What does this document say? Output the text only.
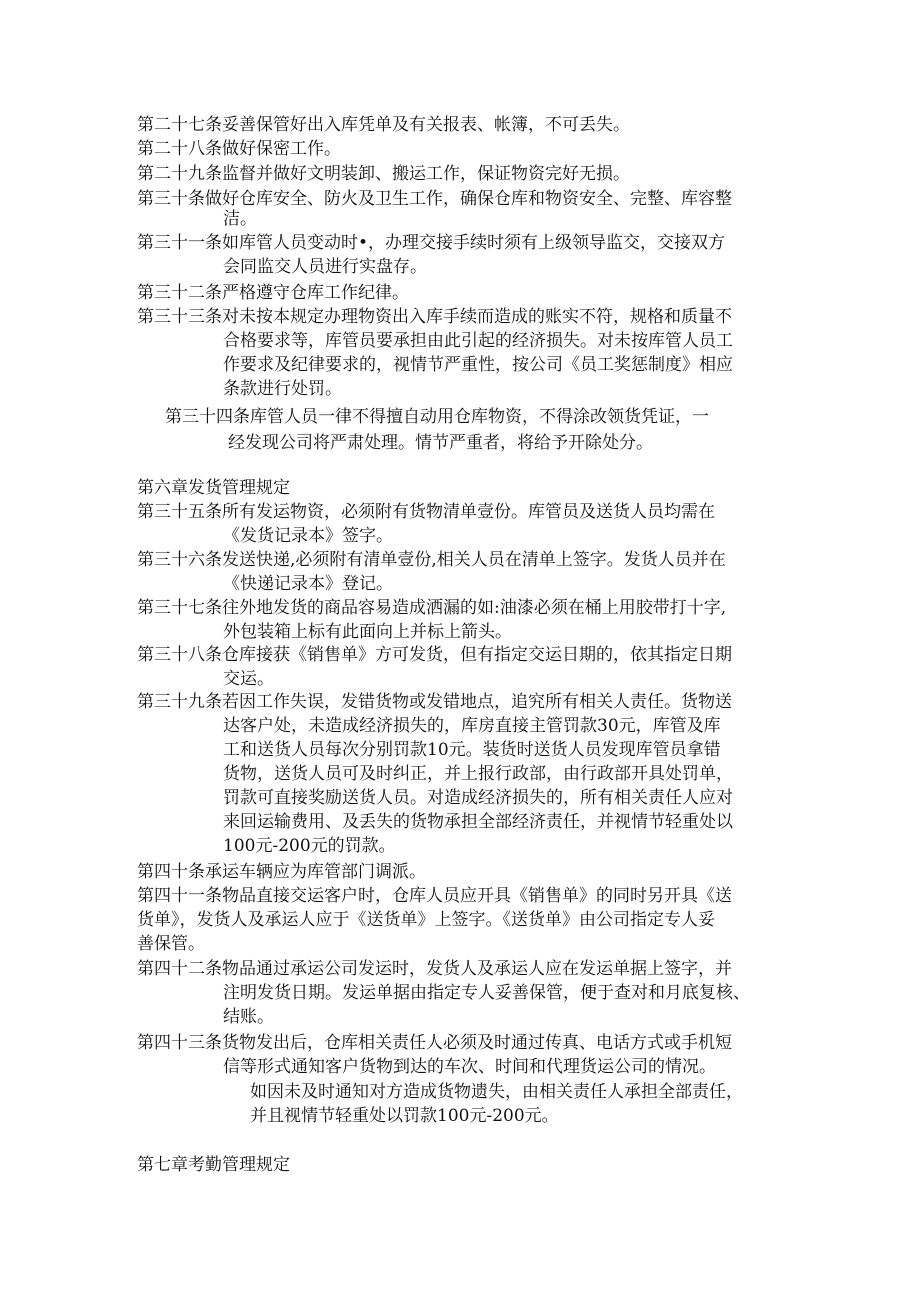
第二十七条妥善保管好出入库凭单及有关报表、帐簿，不可丢失。
第二十八条做好保密工作。
第二十九条监督并做好文明装卸、搬运工作，保证物资完好无损。
第三十条做好仓库安全、防火及卫生工作，确保仓库和物资安全、完整、库容整
洁。
第三十一条如库管人员变动时•，办理交接手续时须有上级领导监交，交接双方
会同监交人员进行实盘存。
第三十二条严格遵守仓库工作纪律。
第三十三条对未按本规定办理物资出入库手续而造成的账实不符，规格和质量不
合格要求等，库管员要承担由此引起的经济损失。对未按库管人员工
作要求及纪律要求的，视情节严重性，按公司《员工奖惩制度》相应
条款进行处罚。
第三十四条库管人员一律不得擅自动用仓库物资，不得涂改领货凭证，一
经发现公司将严肃处理。情节严重者，将给予开除处分。
第六章发货管理规定
第三十五条所有发运物资，必须附有货物清单壹份。库管员及送货人员均需在
《发货记录本》签字。
第三十六条发送快递,必须附有清单壹份,相关人员在清单上签字。发货人员并在
《快递记录本》登记。
第三十七条往外地发货的商品容易造成洒漏的如:油漆必须在桶上用胶带打十字,
外包装箱上标有此面向上并标上箭头。
第三十八条仓库接获《销售单》方可发货，但有指定交运日期的，依其指定日期
交运。
第三十九条若因工作失误，发错货物或发错地点，追究所有相关人责任。货物送
达客户处，未造成经济损失的，库房直接主管罚款30元，库管及库
工和送货人员每次分别罚款10元。装货时送货人员发现库管员拿错
货物，送货人员可及时纠正，并上报行政部，由行政部开具处罚单，
罚款可直接奖励送货人员。对造成经济损失的，所有相关责任人应对
来回运输费用、及丢失的货物承担全部经济责任，并视情节轻重处以
100元-200元的罚款。
第四十条承运车辆应为库管部门调派。
第四十一条物品直接交运客户时，仓库人员应开具《销售单》的同时另开具《送
货单》，发货人及承运人应于《送货单》上签字。《送货单》由公司指定专人妥
善保管。
第四十二条物品通过承运公司发运时，发货人及承运人应在发运单据上签字，并
注明发货日期。发运单据由指定专人妥善保管，便于查对和月底复核、
结账。
第四十三条货物发出后，仓库相关责任人必须及时通过传真、电话方式或手机短
信等形式通知客户货物到达的车次、时间和代理货运公司的情况。
如因未及时通知对方造成货物遗失，由相关责任人承担全部责任，
并且视情节轻重处以罚款100元-200元。
第七章考勤管理规定
